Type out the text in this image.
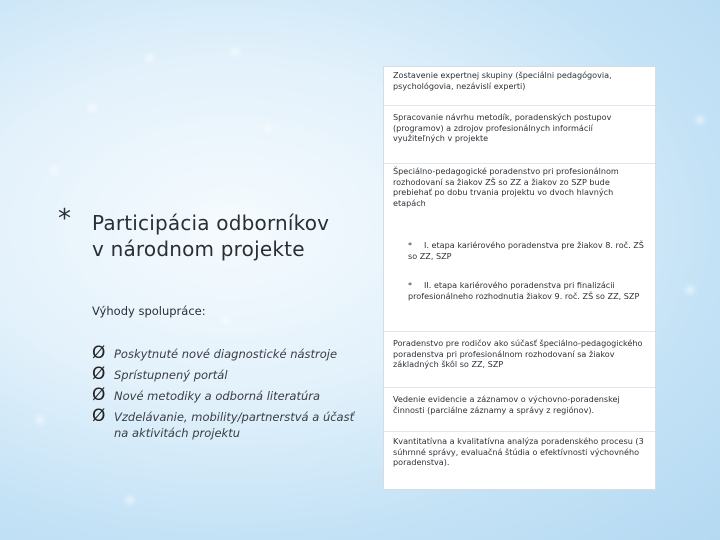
*	Participácia odborníkov
v národnom projekte
Výhody spolupráce:
Ø Poskytnuté nové diagnostické nástroje
Ø Sprístupnený portál
Ø Nové metodiky a odborná literatúra
Ø Vzdelávanie, mobility/partnerstvá a účasť na aktivitách projektu
Zostavenie expertnej skupiny (špeciálni pedagógovia, psychológovia, nezávislí experti)
Spracovanie návrhu metodík, poradenských postupov (programov) a zdrojov profesionálnych informácií využiteľných v projekte
Špeciálno-pedagogické poradenstvo pri profesionálnom rozhodovaní sa žiakov ZŠ so ZZ a žiakov zo SZP bude prebiehať po dobu trvania projektu vo dvoch hlavných etapách
* I. etapa kariérového poradenstva pre žiakov 8. roč. ZŠ so ZZ, SZP
* II. etapa kariérového poradenstva pri finalizácii profesionálneho rozhodnutia žiakov 9. roč. ZŠ so ZZ, SZP
Poradenstvo pre rodičov ako súčasť špeciálno-pedagogického poradenstva pri profesionálnom rozhodovaní sa žiakov základných škôl so ZZ, SZP
Vedenie evidencie a záznamov o výchovno-poradenskej činnosti (parciálne záznamy a správy z regiónov).
Kvantitatívna a kvalitatívna analýza poradenského procesu (3 súhrnné správy, evaluačná štúdia o efektívnosti výchovného poradenstva).
